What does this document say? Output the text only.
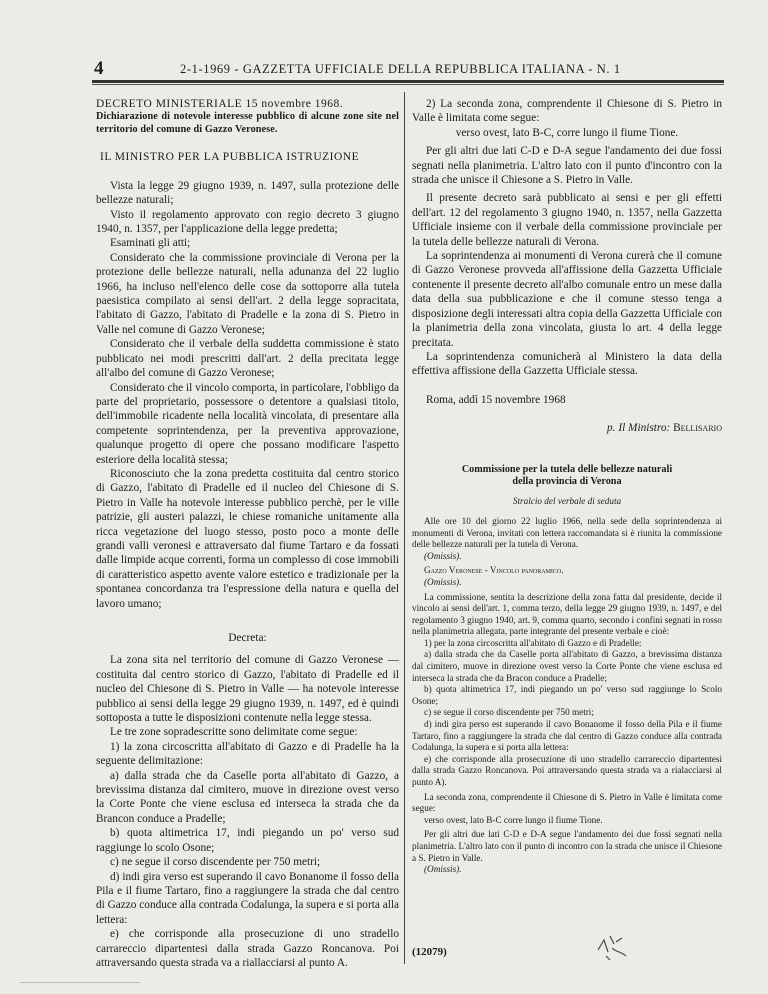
4	2-1-1969 - GAZZETTA UFFICIALE DELLA REPUBBLICA ITALIANA - N. 1

DECRETO MINISTERIALE 15 novembre 1968.

Dichiarazione di notevole interesse pubblico di alcune zone site nel territorio del comune di Gazzo Veronese.

IL MINISTRO PER LA PUBBLICA ISTRUZIONE

Vista la legge 29 giugno 1939, n. 1497, sulla protezione delle bellezze naturali;

Visto il regolamento approvato con regio decreto 3 giugno 1940, n. 1357, per l'applicazione della legge predetta;

Esaminati gli atti;

Considerato che la commissione provinciale di Verona per la protezione delle bellezze naturali, nella adunanza del 22 luglio 1966, ha incluso nell'elenco delle cose da sottoporre alla tutela paesistica compilato ai sensi dell'art. 2 della legge sopracitata, l'abitato di Gazzo, l'abitato di Pradelle e la zona di S. Pietro in Valle nel comune di Gazzo Veronese;

Considerato che il verbale della suddetta commissione è stato pubblicato nei modi prescritti dall'art. 2 della precitata legge all'albo del comune di Gazzo Veronese;

Considerato che il vincolo comporta, in particolare, l'obbligo da parte del proprietario, possessore o detentore a qualsiasi titolo, dell'immobile ricadente nella località vincolata, di presentare alla competente soprintendenza, per la preventiva approvazione, qualunque progetto di opere che possano modificare l'aspetto esteriore della località stessa;

Riconosciuto che la zona predetta costituita dal centro storico di Gazzo, l'abitato di Pradelle ed il nucleo del Chiesone di S. Pietro in Valle ha notevole interesse pubblico perchè, per le ville patrizie, gli austeri palazzi, le chiese romaniche unitamente alla ricca vegetazione del luogo stesso, posto poco a monte delle grandi valli veronesi e attraversato dal fiume Tartaro e da fossati dalle limpide acque correnti, forma un complesso di cose immobili di caratteristico aspetto avente valore estetico e tradizionale per la spontanea concordanza tra l'espressione della natura e quella del lavoro umano;

Decreta:

La zona sita nel territorio del comune di Gazzo Veronese — costituita dal centro storico di Gazzo, l'abitato di Pradelle ed il nucleo del Chiesone di S. Pietro in Valle — ha notevole interesse pubblico ai sensi della legge 29 giugno 1939, n. 1497, ed è quindi sottoposta a tutte le disposizioni contenute nella legge stessa.

Le tre zone sopradescritte sono delimitate come segue:

1) la zona circoscritta all'abitato di Gazzo e di Pradelle ha la seguente delimitazione:

a) dalla strada che da Caselle porta all'abitato di Gazzo, a brevissima distanza dal cimitero, muove in direzione ovest verso la Corte Ponte che viene esclusa ed interseca la strada che da Brancon conduce a Pradelle;

b) quota altimetrica 17, indi piegando un po' verso sud raggiunge lo scolo Osone;

c) ne segue il corso discendente per 750 metri;

d) indi gira verso est superando il cavo Bonanome il fosso della Pila e il fiume Tartaro, fino a raggiungere la strada che dal centro di Gazzo conduce alla contrada Codalunga, la supera e si porta alla lettera:

e) che corrisponde alla prosecuzione di uno stradello carrareccio dipartentesi dalla strada Gazzo Roncanova. Poi attraversando questa strada va a riallacciarsi al punto A.

2) La seconda zona, comprendente il Chiesone di S. Pietro in Valle è limitata come segue:

verso ovest, lato B-C, corre lungo il fiume Tione.

Per gli altri due lati C-D e D-A segue l'andamento dei due fossi segnati nella planimetria. L'altro lato con il punto d'incontro con la strada che unisce il Chiesone a S. Pietro in Valle.

Il presente decreto sarà pubblicato ai sensi e per gli effetti dell'art. 12 del regolamento 3 giugno 1940, n. 1357, nella Gazzetta Ufficiale insieme con il verbale della commissione provinciale per la tutela delle bellezze naturali di Verona.

La soprintendenza ai monumenti di Verona curerà che il comune di Gazzo Veronese provveda all'affissione della Gazzetta Ufficiale contenente il presente decreto all'albo comunale entro un mese dalla data della sua pubblicazione e che il comune stesso tenga a disposizione degli interessati altra copia della Gazzetta Ufficiale con la planimetria della zona vincolata, giusta lo art. 4 della legge precitata.

La soprintendenza comunicherà al Ministero la data della effettiva affissione della Gazzetta Ufficiale stessa.

Roma, addì 15 novembre 1968

p. Il Ministro: Bellisario

Commissione per la tutela delle bellezze naturali della provincia di Verona

Stralcio del verbale di seduta

Alle ore 10 del giorno 22 luglio 1966, nella sede della soprintendenza ai monumenti di Verona, invitati con lettera raccomandata si è riunita la commissione delle bellezze naturali per la tutela di Verona.

(Omissis).

Gazzo Veronese - Vincolo panoramico.

(Omissis).

La commissione, sentita la descrizione della zona fatta dal presidente, decide il vincolo ai sensi dell'art. 1, comma terzo, della legge 29 giugno 1939, n. 1497, e del regolamento 3 giugno 1940, art. 9, comma quarto, secondo i confini segnati in rosso nella planimetria allegata, parte integrante del presente verbale e cioè:

1) per la zona circoscritta all'abitato di Gazzo e di Pradelle:

a) dalla strada che da Caselle porta all'abitato di Gazzo, a brevissima distanza dal cimitero, muove in direzione ovest verso la Corte Ponte che viene esclusa ed interseca la strada che da Bracon conduce a Pradelle;

b) quota altimetrica 17, indi piegando un po' verso sud raggiunge lo Scolo Osone;

c) se segue il corso discendente per 750 metri;

d) indi gira perso est superando il cavo Bonanome il fosso della Pila e il fiume Tartaro, fino a raggiungere la strada che dal centro di Gazzo conduce alla contrada Codalunga, la supera e si porta alla lettera:

e) che corrisponde alla prosecuzione di uno stradello carrareccio dipartentesi dalla strada Gazzo Roncanova. Poi attraversando questa strada va a rialacciarsi al punto A).

La seconda zona, comprendente il Chiesone di S. Pietro in Valle è limitata come segue:

verso ovest, lato B-C corre lungo il fiume Tione.

Per gli altri due lati C-D e D-A segue l'andamento dei due fossi segnati nella planimetria. L'altro lato con il punto di incontro con la strada che unisce il Chiesone a S. Pietro in Valle.

(Omissis).

(12079)
